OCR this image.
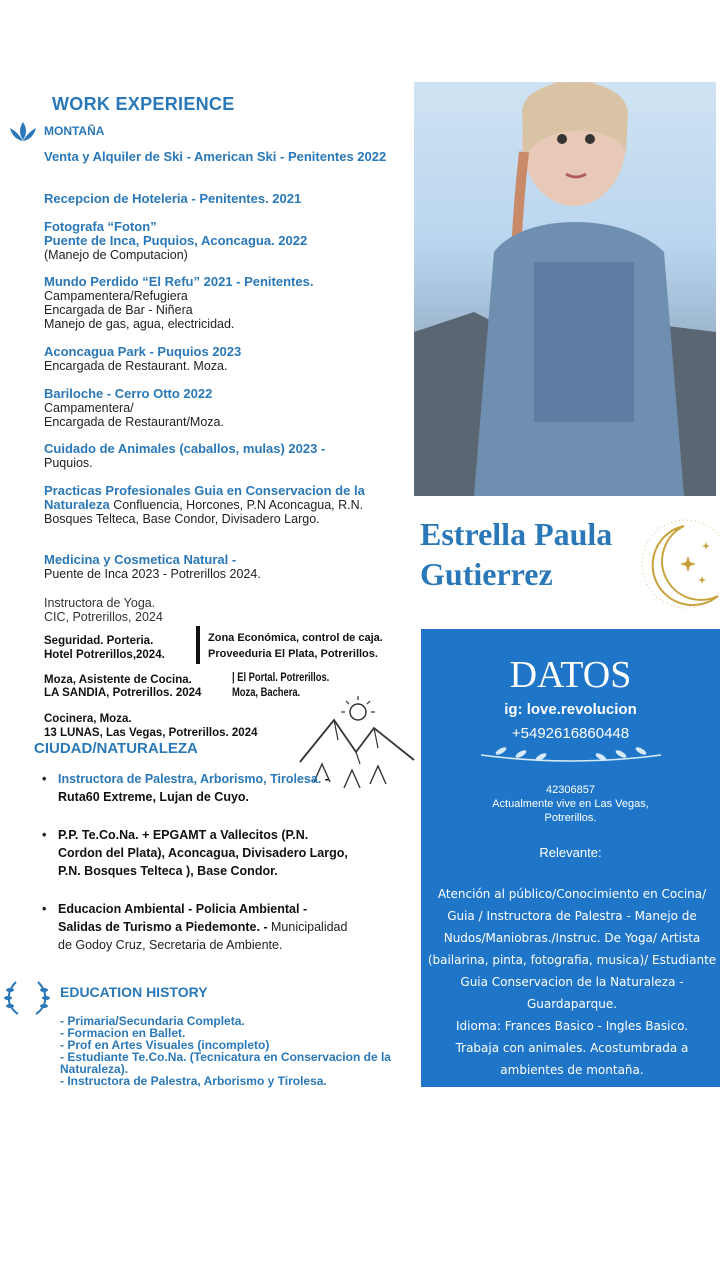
WORK EXPERIENCE
MONTAÑA
Venta y Alquiler de Ski - American Ski - Penitentes 2022
Recepcion de Hoteleria - Penitentes. 2021
Fotografa “Foton”
Puente de Inca, Puquios, Aconcagua. 2022
(Manejo de Computacion)
Mundo Perdido “El Refu” 2021 - Penitentes.
Campamentera/Refugiera
Encargada de Bar - Niñera
Manejo de gas, agua, electricidad.
Aconcagua Park - Puquios 2023
Encargada de Restaurant. Moza.
Bariloche - Cerro Otto 2022
Campamentera/
Encargada de Restaurant/Moza.
Cuidado de Animales (caballos, mulas) 2023 -
Puquios.
Practicas Profesionales Guia en Conservacion de la Naturaleza Confluencia, Horcones, P.N Aconcagua, R.N. Bosques Telteca, Base Condor, Divisadero Largo.
Medicina y Cosmetica Natural -
Puente de Inca 2023 - Potrerillos 2024.
Instructora de Yoga.
CIC, Potrerillos, 2024
Seguridad. Porteria.
Hotel Potrerillos,2024.
Zona Económica, control de caja.
Proveeduria El Plata, Potrerillos.
Moza, Asistente de Cocina.
LA SANDIA, Potrerillos. 2024
| El Portal. Potrerillos.
Moza, Bachera.
Cocinera, Moza.
13 LUNAS, Las Vegas, Potrerillos. 2024
CIUDAD/NATURALEZA
• Instructora de Palestra, Arborismo, Tirolesa. - Ruta60 Extreme, Lujan de Cuyo.
• P.P. Te.Co.Na. + EPGAMT a Vallecitos (P.N. Cordon del Plata), Aconcagua, Divisadero Largo, P.N. Bosques Telteca ), Base Condor.
• Educacion Ambiental - Policia Ambiental - Salidas de Turismo a Piedemonte. - Municipalidad de Godoy Cruz, Secretaria de Ambiente.
EDUCATION HISTORY
- Primaria/Secundaria Completa.
- Formacion en Ballet.
- Prof en Artes Visuales (incompleto)
- Estudiante Te.Co.Na. (Tecnicatura en Conservacion de la Naturaleza).
- Instructora de Palestra, Arborismo y Tirolesa.
Estrella Paula
Gutierrez
DATOS
ig: love.revolucion
+5492616860448
42306857
Actualmente vive en Las Vegas,
Potrerillos.
Relevante:
Atención al público/Conocimiento en Cocina/ Guia / Instructora de Palestra - Manejo de Nudos/Maniobras./Instruc. De Yoga/ Artista (bailarina, pinta, fotografia, musica)/ Estudiante Guia Conservacion de la Naturaleza - Guardaparque.
Idioma: Frances Basico - Ingles Basico.
Trabaja con animales. Acostumbrada a ambientes de montaña.
